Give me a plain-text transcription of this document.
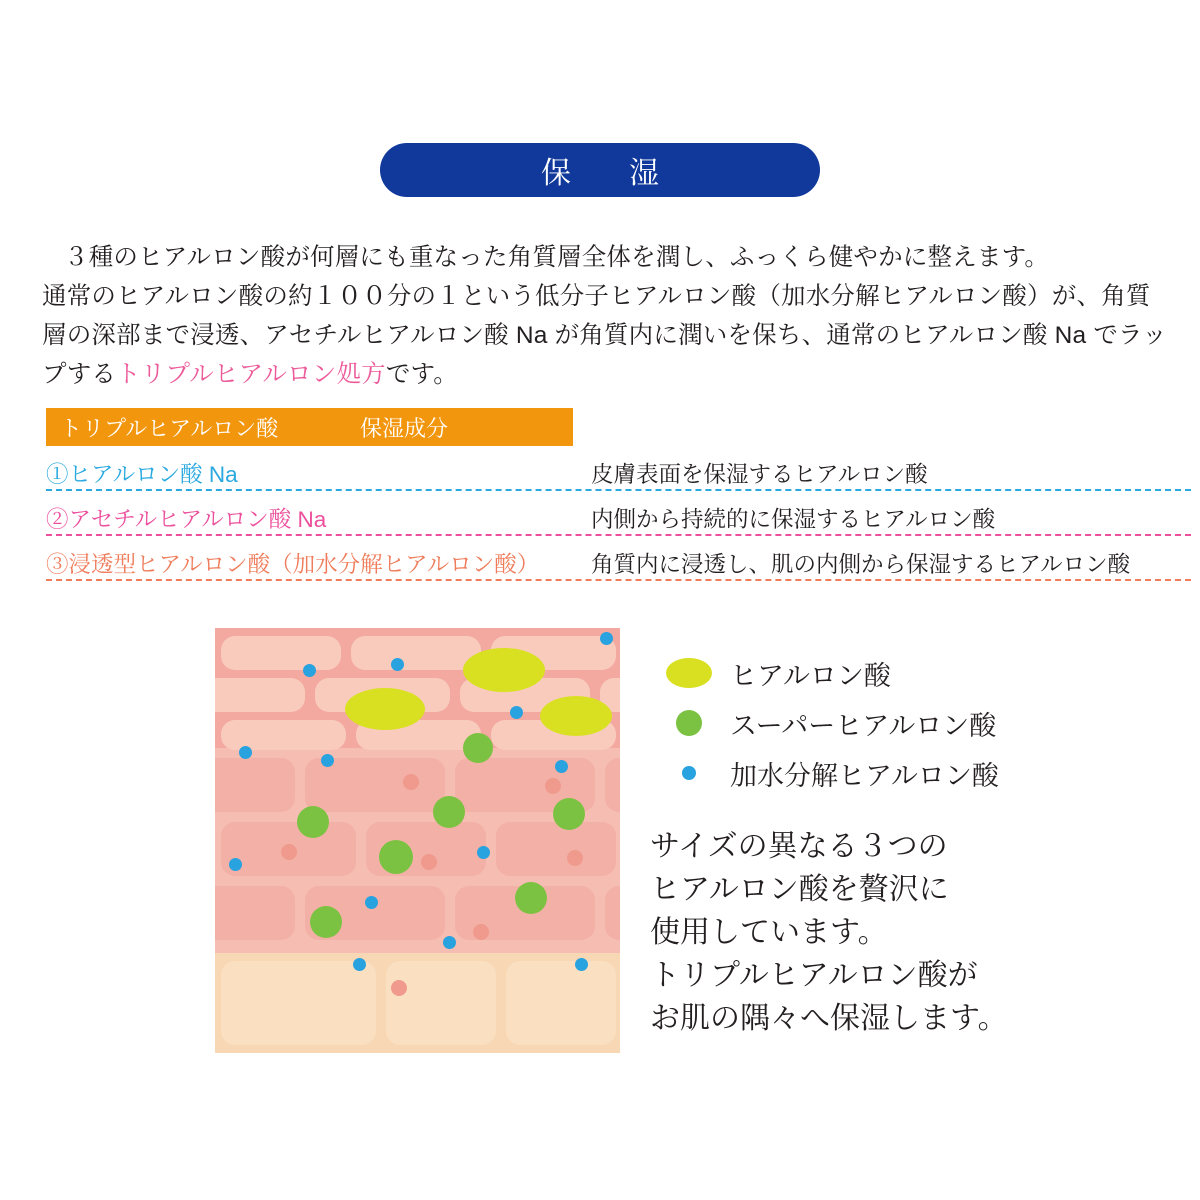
保　湿
３種のヒアルロン酸が何層にも重なった角質層全体を潤し、ふっくら健やかに整えます。
通常のヒアルロン酸の約１００分の１という低分子ヒアルロン酸（加水分解ヒアルロン酸）が、角質
層の深部まで浸透、アセチルヒアルロン酸 Na が角質内に潤いを保ち、通常のヒアルロン酸 Na でラッ
プするトリプルヒアルロン処方です。
トリプルヒアルロン酸	保湿成分
①ヒアルロン酸 Na	皮膚表面を保湿するヒアルロン酸
②アセチルヒアルロン酸 Na	内側から持続的に保湿するヒアルロン酸
③浸透型ヒアルロン酸（加水分解ヒアルロン酸）	角質内に浸透し、肌の内側から保湿するヒアルロン酸
ヒアルロン酸
スーパーヒアルロン酸
加水分解ヒアルロン酸
サイズの異なる３つの
ヒアルロン酸を贅沢に
使用しています。
トリプルヒアルロン酸が
お肌の隅々へ保湿します。
